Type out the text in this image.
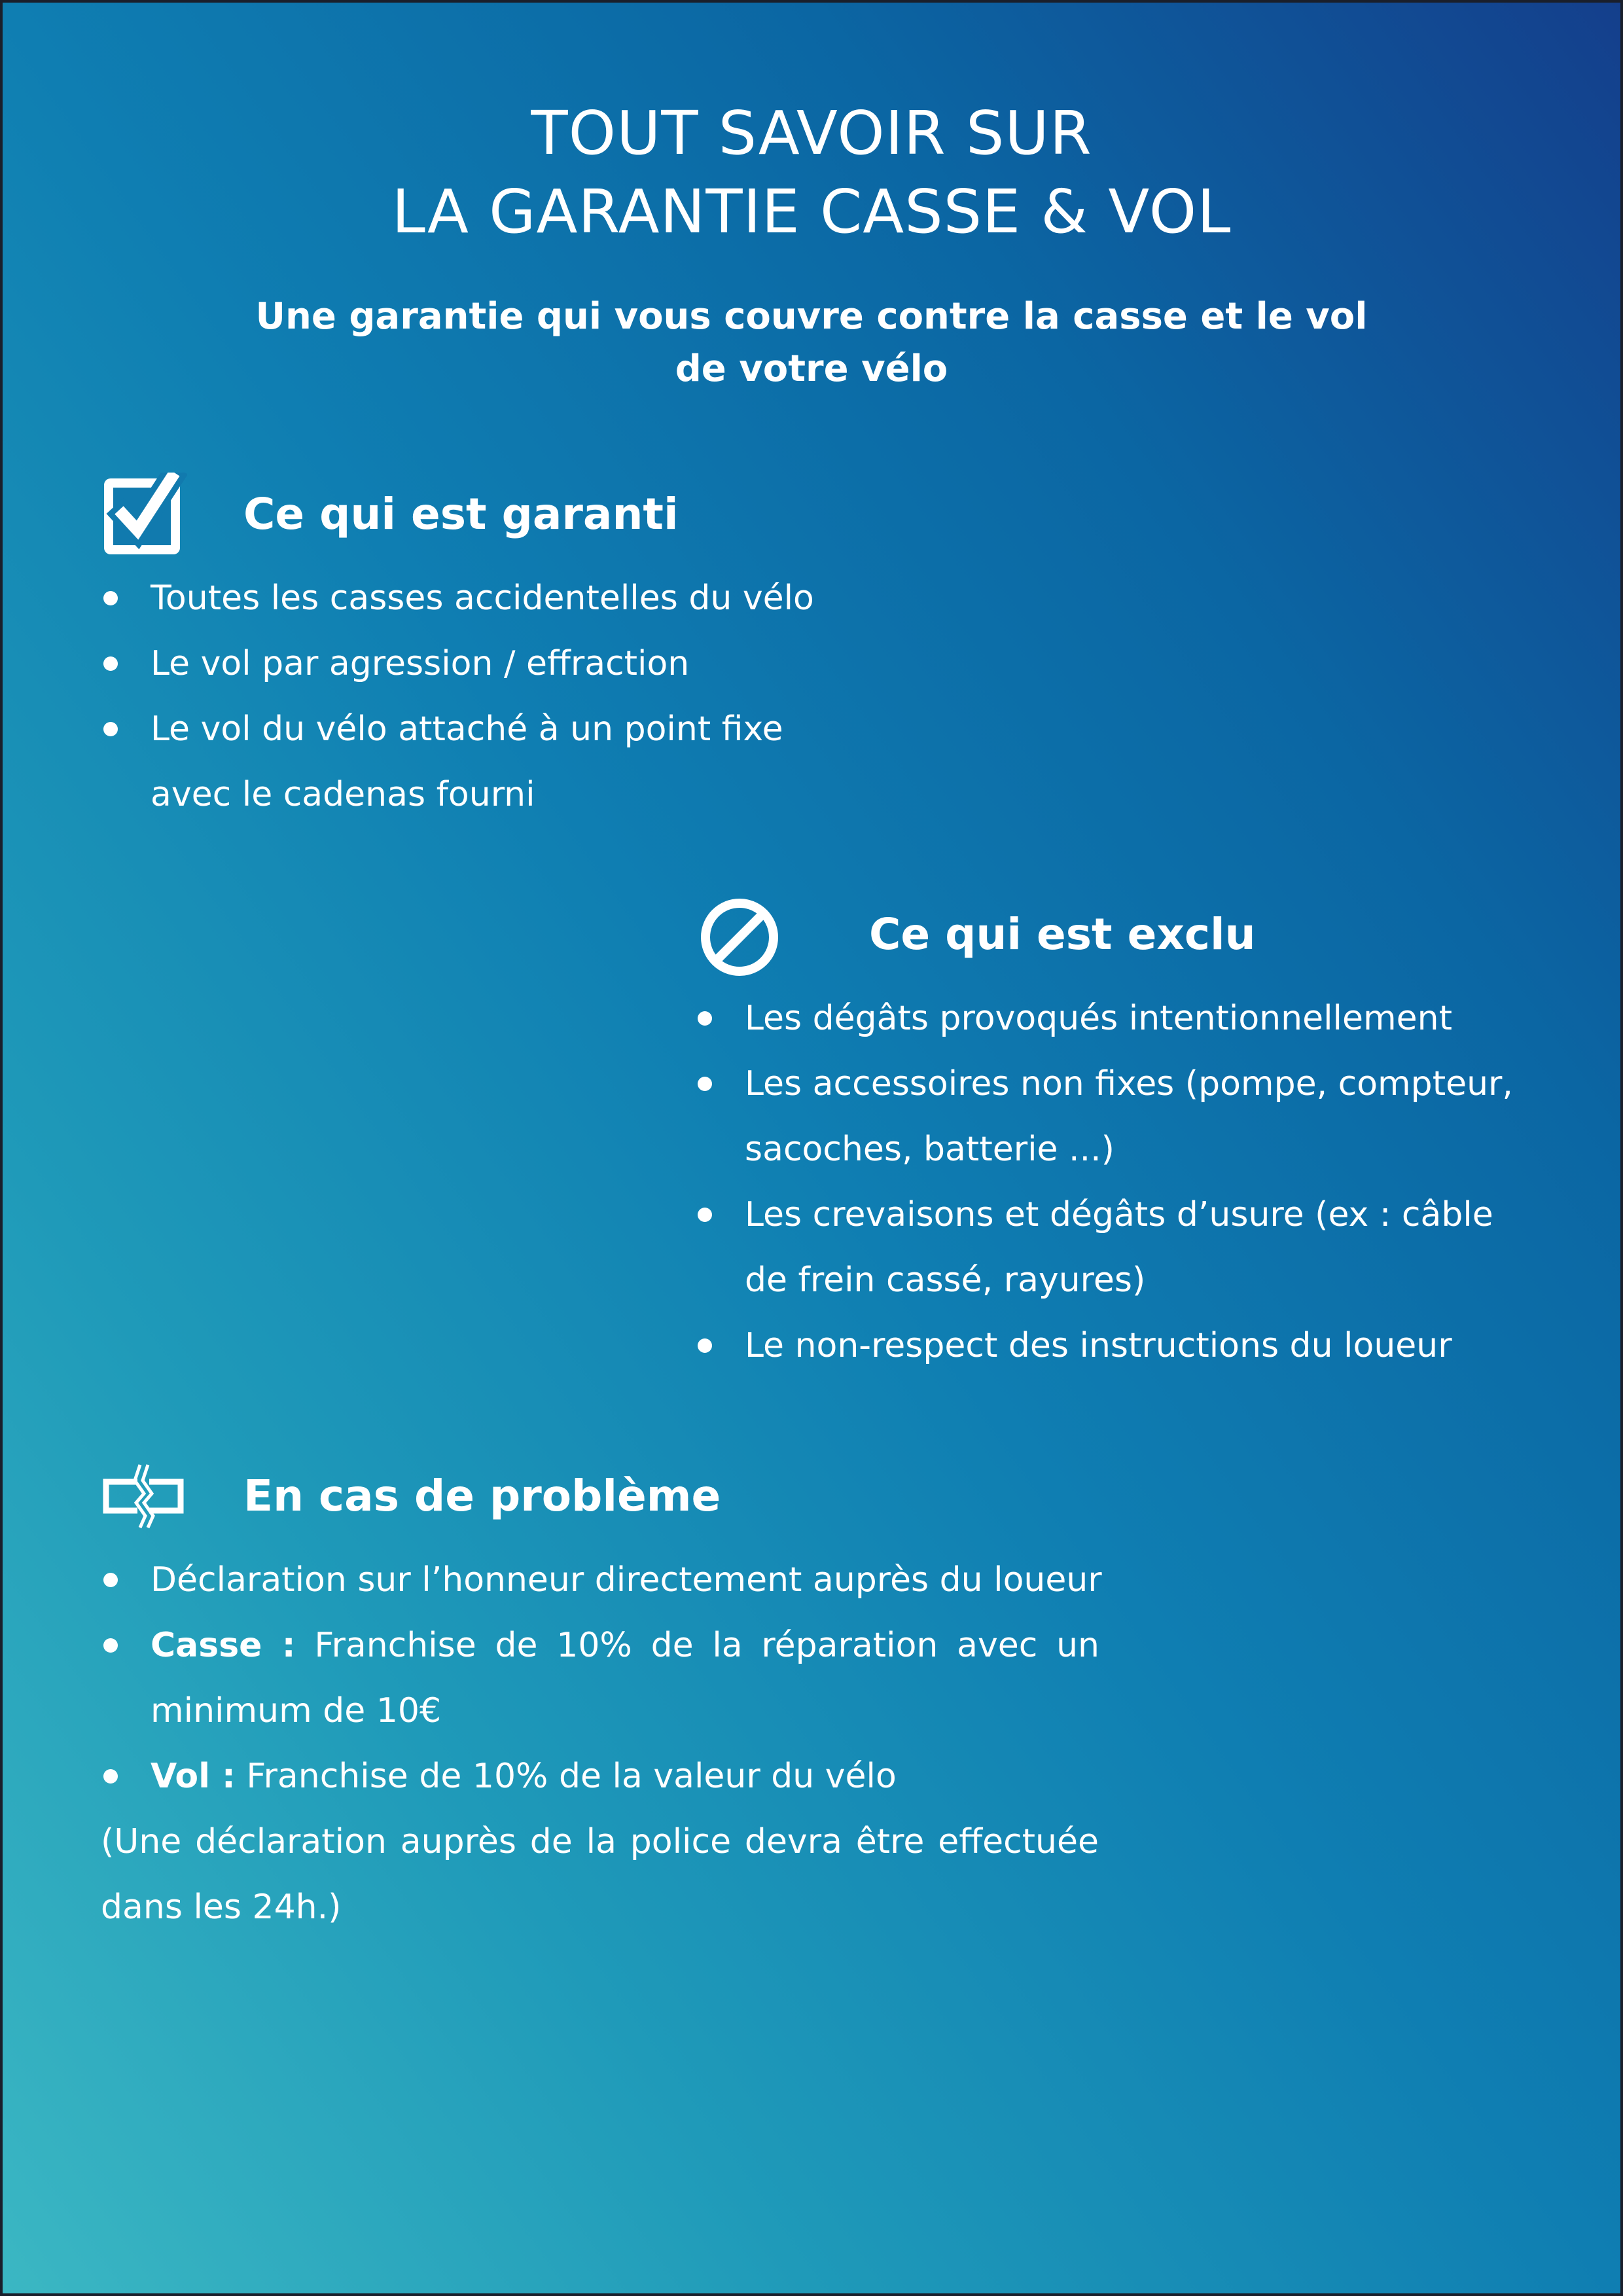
TOUT SAVOIR SUR
LA GARANTIE CASSE & VOL

Une garantie qui vous couvre contre la casse et le vol
de votre vélo

Ce qui est garanti
Toutes les casses accidentelles du vélo
Le vol par agression / effraction
Le vol du vélo attaché à un point fixe avec le cadenas fourni
Ce qui est exclu
Les dégâts provoqués intentionnellement
Les accessoires non fixes (pompe, compteur, sacoches, batterie ...)
Les crevaisons et dégâts d’usure (ex : câble de frein cassé, rayures)
Le non-respect des instructions du loueur
En cas de problème
Déclaration sur l’honneur directement auprès du loueur
Casse : Franchise de 10% de la réparation avec un minimum de 10€
Vol : Franchise de 10% de la valeur du vélo

(Une déclaration auprès de la police devra être effectuée dans les 24h.)
